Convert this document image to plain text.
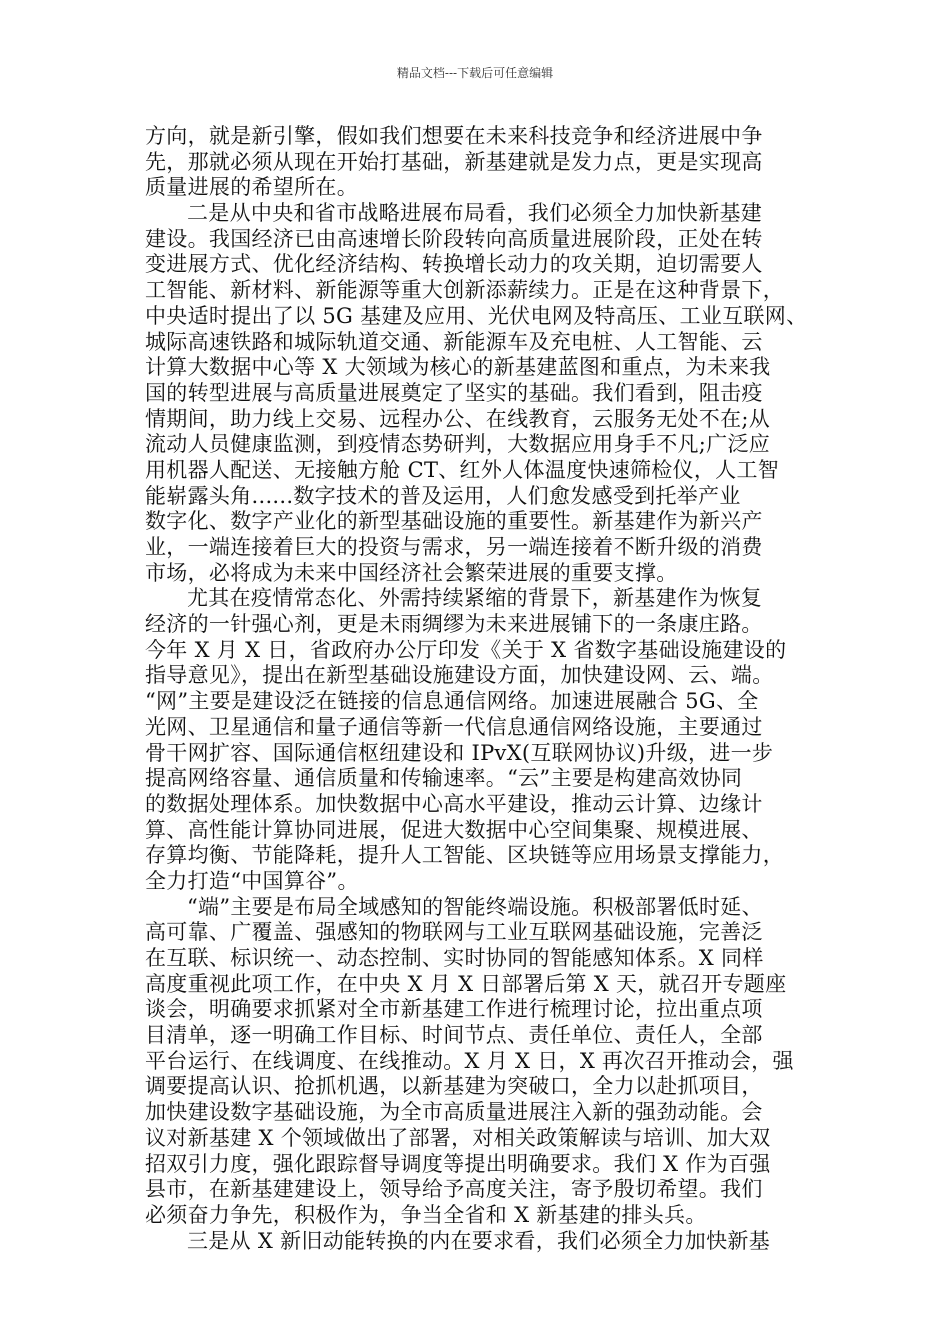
精品文档---下载后可任意编辑
方向，就是新引擎，假如我们想要在未来科技竞争和经济进展中争
先，那就必须从现在开始打基础，新基建就是发力点，更是实现高
质量进展的希望所在。
二是从中央和省市战略进展布局看，我们必须全力加快新基建
建设。我国经济已由高速增长阶段转向高质量进展阶段，正处在转
变进展方式、优化经济结构、转换增长动力的攻关期，迫切需要人
工智能、新材料、新能源等重大创新添薪续力。正是在这种背景下，
中央适时提出了以 5G 基建及应用、光伏电网及特高压、工业互联网、
城际高速铁路和城际轨道交通、新能源车及充电桩、人工智能、云
计算大数据中心等 X 大领域为核心的新基建蓝图和重点，为未来我
国的转型进展与高质量进展奠定了坚实的基础。我们看到，阻击疫
情期间，助力线上交易、远程办公、在线教育，云服务无处不在;从
流动人员健康监测，到疫情态势研判，大数据应用身手不凡;广泛应
用机器人配送、无接触方舱 CT、红外人体温度快速筛检仪，人工智
能崭露头角......数字技术的普及运用，人们愈发感受到托举产业
数字化、数字产业化的新型基础设施的重要性。新基建作为新兴产
业，一端连接着巨大的投资与需求，另一端连接着不断升级的消费
市场，必将成为未来中国经济社会繁荣进展的重要支撑。
尤其在疫情常态化、外需持续紧缩的背景下，新基建作为恢复
经济的一针强心剂，更是未雨绸缪为未来进展铺下的一条康庄路。
今年 X 月 X 日，省政府办公厅印发《关于 X 省数字基础设施建设的
指导意见》，提出在新型基础设施建设方面，加快建设网、云、端。
“网”主要是建设泛在链接的信息通信网络。加速进展融合 5G、全
光网、卫星通信和量子通信等新一代信息通信网络设施，主要通过
骨干网扩容、国际通信枢纽建设和 IPvX(互联网协议)升级，进一步
提高网络容量、通信质量和传输速率。“云”主要是构建高效协同
的数据处理体系。加快数据中心高水平建设，推动云计算、边缘计
算、高性能计算协同进展，促进大数据中心空间集聚、规模进展、
存算均衡、节能降耗，提升人工智能、区块链等应用场景支撑能力，
全力打造“中国算谷”。
“端”主要是布局全域感知的智能终端设施。积极部署低时延、
高可靠、广覆盖、强感知的物联网与工业互联网基础设施，完善泛
在互联、标识统一、动态控制、实时协同的智能感知体系。X 同样
高度重视此项工作，在中央 X 月 X 日部署后第 X 天，就召开专题座
谈会，明确要求抓紧对全市新基建工作进行梳理讨论，拉出重点项
目清单，逐一明确工作目标、时间节点、责任单位、责任人，全部
平台运行、在线调度、在线推动。X 月 X 日，X 再次召开推动会，强
调要提高认识、抢抓机遇，以新基建为突破口，全力以赴抓项目，
加快建设数字基础设施，为全市高质量进展注入新的强劲动能。会
议对新基建 X 个领域做出了部署，对相关政策解读与培训、加大双
招双引力度，强化跟踪督导调度等提出明确要求。我们 X 作为百强
县市，在新基建建设上，领导给予高度关注，寄予殷切希望。我们
必须奋力争先，积极作为，争当全省和 X 新基建的排头兵。
三是从 X 新旧动能转换的内在要求看，我们必须全力加快新基
